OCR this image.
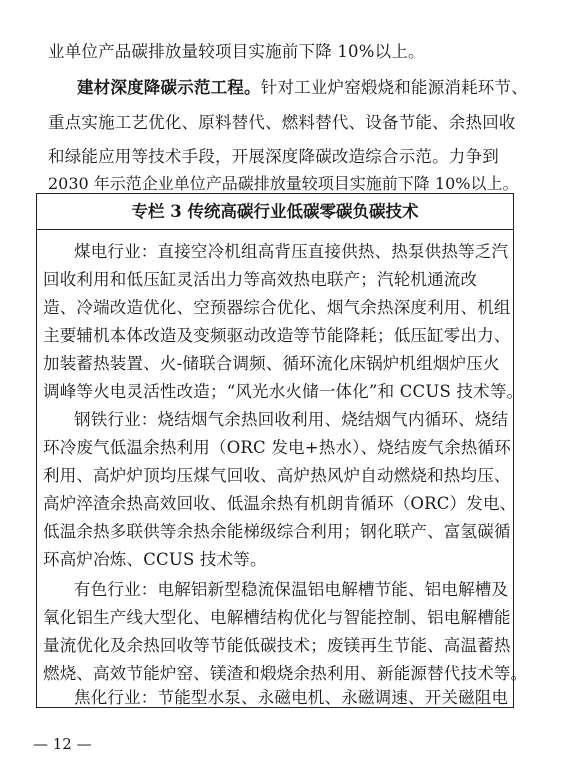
业单位产品碳排放量较项目实施前下降 10%以上。
建材深度降碳示范工程。针对工业炉窑煅烧和能源消耗环节、
重点实施工艺优化、原料替代、燃料替代、设备节能、余热回收
和绿能应用等技术手段，开展深度降碳改造综合示范。力争到
2030 年示范企业单位产品碳排放量较项目实施前下降 10%以上。
专栏 3 传统高碳行业低碳零碳负碳技术
煤电行业：直接空冷机组高背压直接供热、热泵供热等乏汽
回收利用和低压缸灵活出力等高效热电联产；汽轮机通流改
造、冷端改造优化、空预器综合优化、烟气余热深度利用、机组
主要辅机本体改造及变频驱动改造等节能降耗；低压缸零出力、
加装蓄热装置、火-储联合调频、循环流化床锅炉机组烟炉压火
调峰等火电灵活性改造；“风光水火储一体化”和 CCUS 技术等。
钢铁行业：烧结烟气余热回收利用、烧结烟气内循环、烧结
环冷废气低温余热利用（ORC 发电+热水）、烧结废气余热循环
利用、高炉炉顶均压煤气回收、高炉热风炉自动燃烧和热均压、
高炉淬渣余热高效回收、低温余热有机朗肯循环（ORC）发电、
低温余热多联供等余热余能梯级综合利用；钢化联产、富氢碳循
环高炉冶炼、CCUS 技术等。
有色行业：电解铝新型稳流保温铝电解槽节能、铝电解槽及
氧化铝生产线大型化、电解槽结构优化与智能控制、铝电解槽能
量流优化及余热回收等节能低碳技术；废镁再生节能、高温蓄热
燃烧、高效节能炉窑、镁渣和煅烧余热利用、新能源替代技术等。
焦化行业：节能型水泵、永磁电机、永磁调速、开关磁阻电
— 12 —
